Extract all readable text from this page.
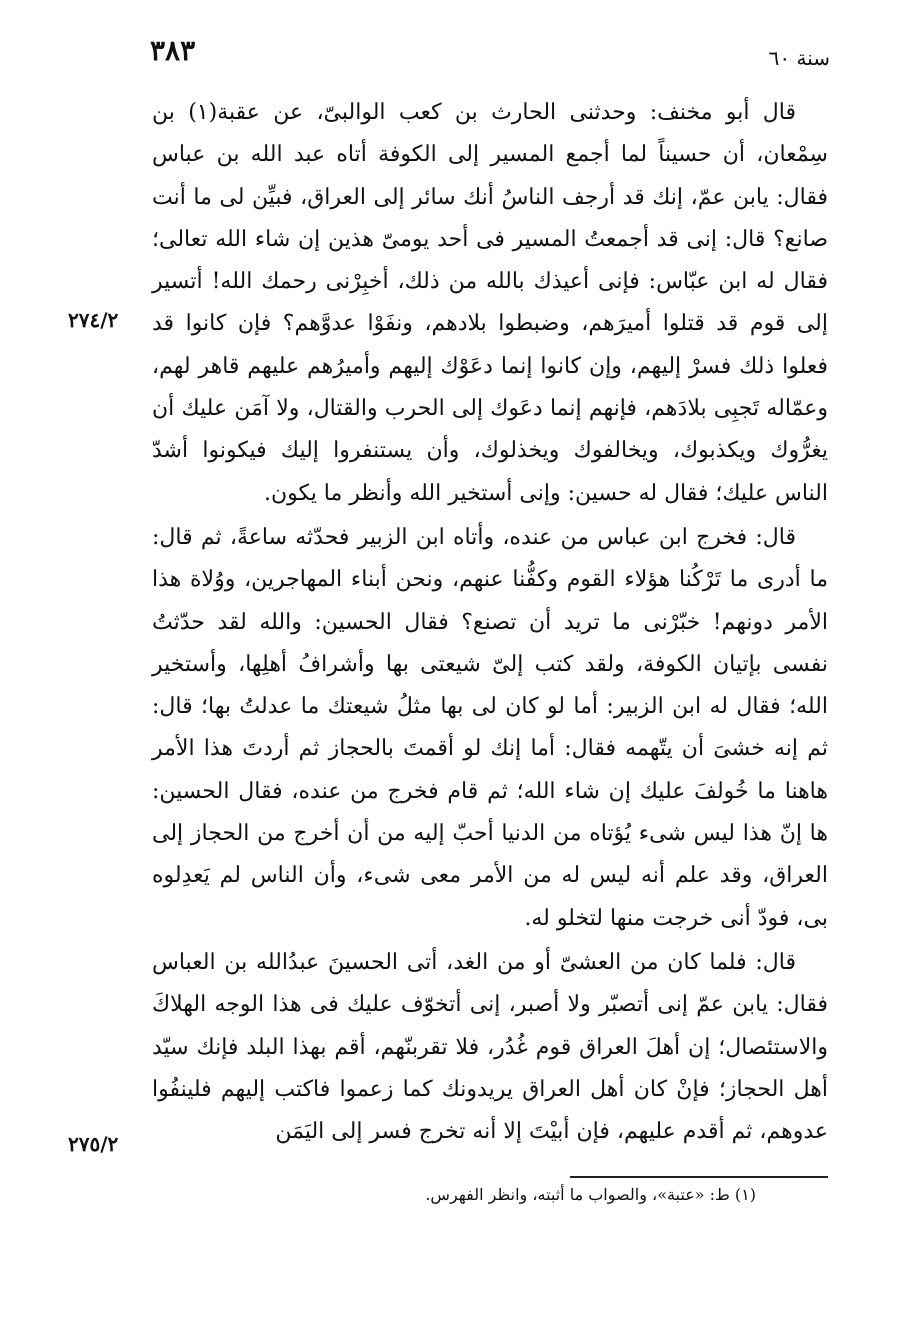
٣٨٣	سنة ٦٠

قال أبو مخنف: وحدثنى الحارث بن كعب الوالبىّ، عن عقبة(١) بن سِمْعان، أن حسيناً لما أجمع المسير إلى الكوفة أتاه عبد الله بن عباس فقال: يابن عمّ، إنك قد أرجف الناسُ أنك سائر إلى العراق، فبيِّن لى ما أنت صانع؟ قال: إنى قد أجمعتُ المسير فى أحد يومىّ هذين إن شاء الله تعالى؛ فقال له ابن عبّاس: فإنى أعيذك بالله من ذلك، أخبِرْنى رحمك الله! أتسير إلى قوم قد قتلوا أميرَهم، وضبطوا بلادهم، ونفَوْا عدوَّهم؟ فإن كانوا قد فعلوا ذلك فسرْ إليهم، وإن كانوا إنما دعَوْك إليهم وأميرُهم عليهم قاهر لهم، وعمّاله تَجبِى بلادَهم، فإنهم إنما دعَوك إلى الحرب والقتال، ولا آمَن عليك أن يغرُّوك ويكذبوك، ويخالفوك ويخذلوك، وأن يستنفروا إليك فيكونوا أشدّ الناس عليك؛ فقال له حسين: وإنى أستخير الله وأنظر ما يكون.

قال: فخرج ابن عباس من عنده، وأتاه ابن الزبير فحدّثه ساعةً، ثم قال: ما أدرى ما تَرْكُنا هؤلاء القوم وكفُّنا عنهم، ونحن أبناء المهاجرين، ووُلاة هذا الأمر دونهم! خبّرْنى ما تريد أن تصنع؟ فقال الحسين: والله لقد حدّثتُ نفسى بإتيان الكوفة، ولقد كتب إلىّ شيعتى بها وأشرافُ أهلِها، وأستخير الله؛ فقال له ابن الزبير: أما لو كان لى بها مثلُ شيعتك ما عدلتُ بها؛ قال: ثم إنه خشىَ أن يتّهمه فقال: أما إنك لو أقمتَ بالحجاز ثم أردتَ هذا الأمر هاهنا ما خُولفَ عليك إن شاء الله؛ ثم قام فخرج من عنده، فقال الحسين: ها إنّ هذا ليس شىء يُؤتاه من الدنيا أحبّ إليه من أن أخرج من الحجاز إلى العراق، وقد علم أنه ليس له من الأمر معى شىء، وأن الناس لم يَعدِلوه بى، فودّ أنى خرجت منها لتخلو له.

قال: فلما كان من العشىّ أو من الغد، أتى الحسينَ عبدُالله بن العباس فقال: يابن عمّ إنى أتصبّر ولا أصبر، إنى أتخوّف عليك فى هذا الوجه الهلاكَ والاستئصال؛ إن أهلَ العراق قوم غُدُر، فلا تقربنّهم، أقم بهذا البلد فإنك سيّد أهل الحجاز؛ فإنْ كان أهل العراق يريدونك كما زعموا فاكتب إليهم فلينفُوا عدوهم، ثم أقدم عليهم، فإن أبيْتَ إلا أنه تخرج فسر إلى اليَمَن

٢٧٤/٢
٢٧٥/٢
(١) ط: «عتبة»، والصواب ما أثبته، وانظر الفهرس.
